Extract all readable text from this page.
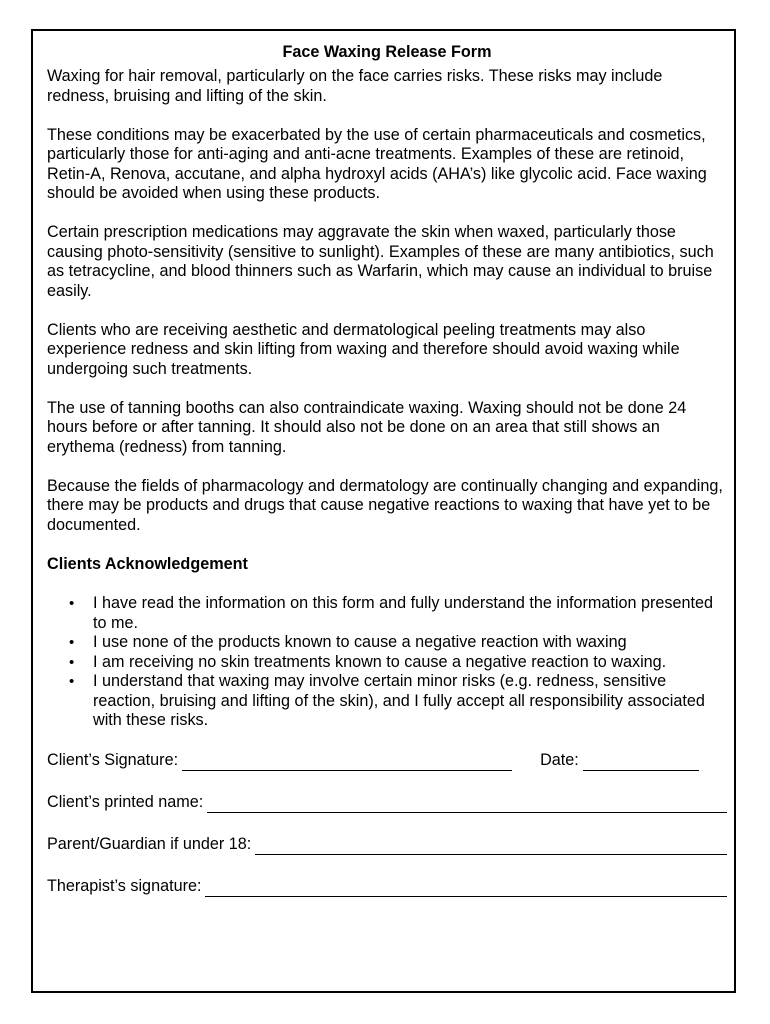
Face Waxing Release Form

Waxing for hair removal, particularly on the face carries risks. These risks may include redness, bruising and lifting of the skin.

These conditions may be exacerbated by the use of certain pharmaceuticals and cosmetics, particularly those for anti-aging and anti-acne treatments. Examples of these are retinoid, Retin-A, Renova, accutane, and alpha hydroxyl acids (AHA’s) like glycolic acid. Face waxing should be avoided when using these products.

Certain prescription medications may aggravate the skin when waxed, particularly those causing photo-sensitivity (sensitive to sunlight). Examples of these are many antibiotics, such as tetracycline, and blood thinners such as Warfarin, which may cause an individual to bruise easily.

Clients who are receiving aesthetic and dermatological peeling treatments may also experience redness and skin lifting from waxing and therefore should avoid waxing while undergoing such treatments.

The use of tanning booths can also contraindicate waxing. Waxing should not be done 24 hours before or after tanning. It should also not be done on an area that still shows an erythema (redness) from tanning.

Because the fields of pharmacology and dermatology are continually changing and expanding, there may be products and drugs that cause negative reactions to waxing that have yet to be documented.

Clients Acknowledgement
• I have read the information on this form and fully understand the information presented to me.
• I use none of the products known to cause a negative reaction with waxing
• I am receiving no skin treatments known to cause a negative reaction to waxing.
• I understand that waxing may involve certain minor risks (e.g. redness, sensitive reaction, bruising and lifting of the skin), and I fully accept all responsibility associated with these risks.
Client’s Signature:	Date:
Client’s printed name:
Parent/Guardian if under 18:
Therapist’s signature:
